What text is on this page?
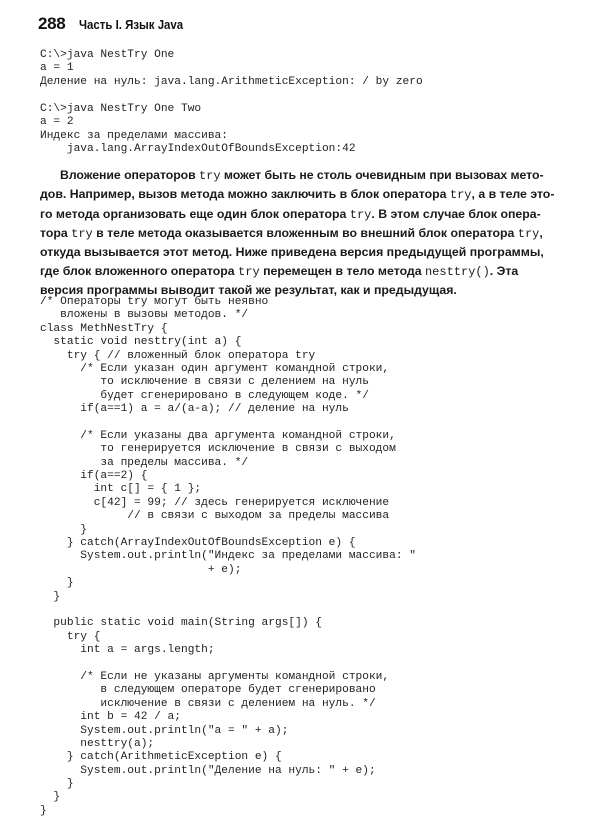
288 Часть I. Язык Java
C:\>java NestTry One
a = 1
Деление на нуль: java.lang.ArithmeticException: / by zero
C:\>java NestTry One Two
a = 2
Индекс за пределами массива:
java.lang.ArrayIndexOutOfBoundsException:42
Вложение операторов try может быть не столь очевидным при вызовах мето-
дов. Например, вызов метода можно заключить в блок оператора try, а в теле это-
го метода организовать еще один блок оператора try. В этом случае блок опера-
тора try в теле метода оказывается вложенным во внешний блок оператора try,
откуда вызывается этот метод. Ниже приведена версия предыдущей программы,
где блок вложенного оператора try перемещен в тело метода nesttry(). Эта
версия программы выводит такой же результат, как и предыдущая.
/* Операторы try могут быть неявно
вложены в вызовы методов. */
class MethNestTry {
static void nesttry(int a) {
try { // вложенный блок оператора try
/* Если указан один аргумент командной строки,
то исключение в связи с делением на нуль
будет сгенерировано в следующем коде. */
if(a==1) a = a/(a-a); // деление на нуль
/* Если указаны два аргумента командной строки,
то генерируется исключение в связи с выходом
за пределы массива. */
if(a==2) {
int c[] = { 1 };
c[42] = 99; // здесь генерируется исключение
// в связи с выходом за пределы массива
}
} catch(ArrayIndexOutOfBoundsException e) {
System.out.println("Индекс за пределами массива: "
+ e);
}
}
public static void main(String args[]) {
try {
int a = args.length;
/* Если не указаны аргументы командной строки,
в следующем операторе будет сгенерировано
исключение в связи с делением на нуль. */
int b = 42 / a;
System.out.println("a = " + a);
nesttry(a);
} catch(ArithmeticException e) {
System.out.println("Деление на нуль: " + e);
}
}
}
